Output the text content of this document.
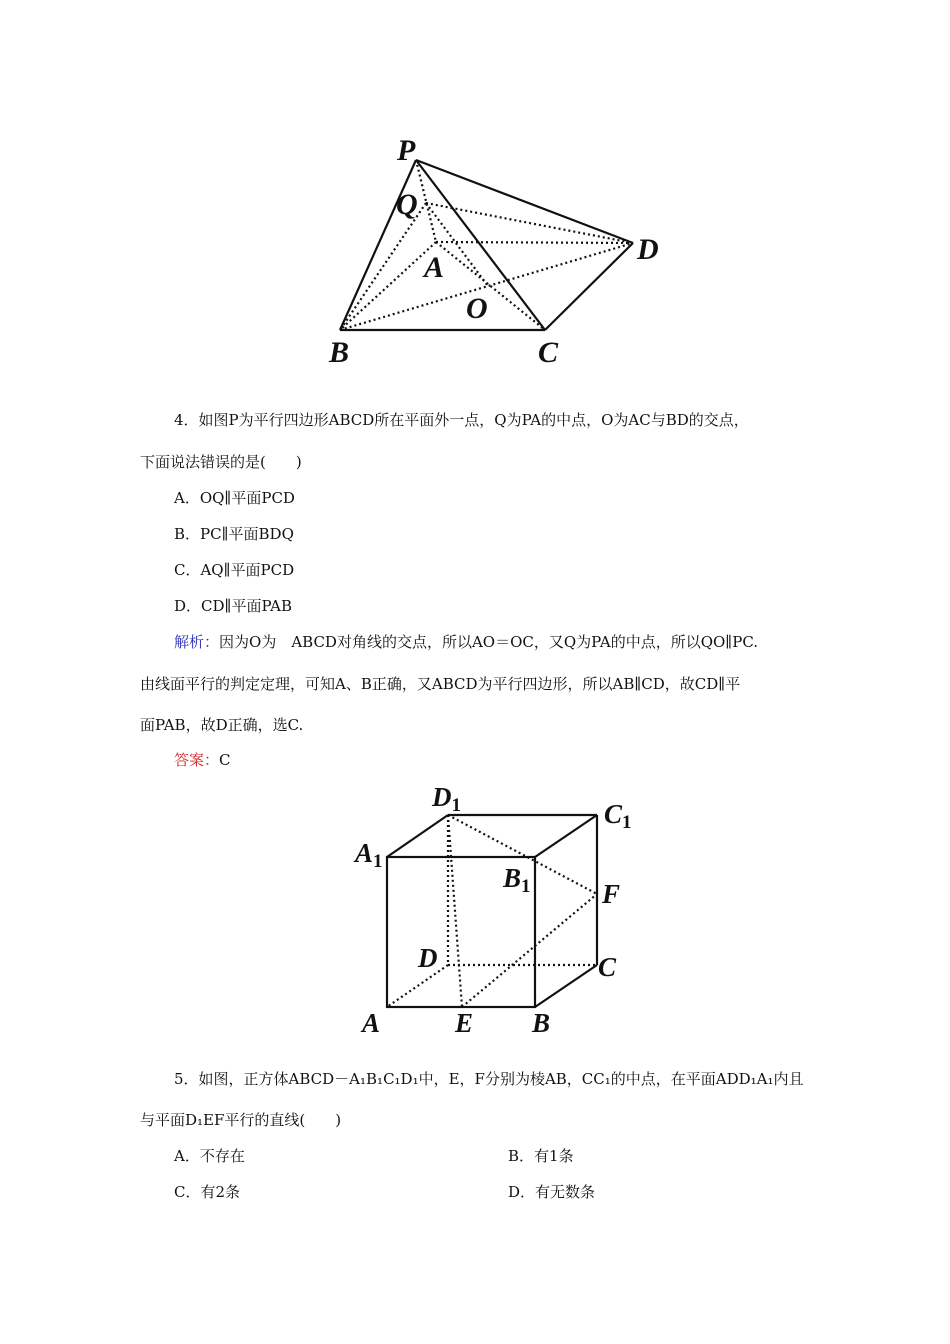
P
Q
A
O
D
B	C
4．如图P为平行四边形ABCD所在平面外一点，Q为PA的中点，O为AC与BD的交点，
下面说法错误的是(　　)
A．OQ∥平面PCD
B．PC∥平面BDQ
C．AQ∥平面PCD
D．CD∥平面PAB
解析：因为O为　ABCD对角线的交点，所以AO＝OC，又Q为PA的中点，所以QO∥PC.
由线面平行的判定定理，可知A、B正确，又ABCD为平行四边形，所以AB∥CD，故CD∥平
面PAB，故D正确，选C.
答案：C
D1	C1
A1
B1	F
D	C
A	E B
5．如图，正方体ABCD－A₁B₁C₁D₁中，E，F分别为棱AB，CC₁的中点，在平面ADD₁A₁内且
与平面D₁EF平行的直线(　　)
A．不存在	B．有1条
C．有2条	D．有无数条
